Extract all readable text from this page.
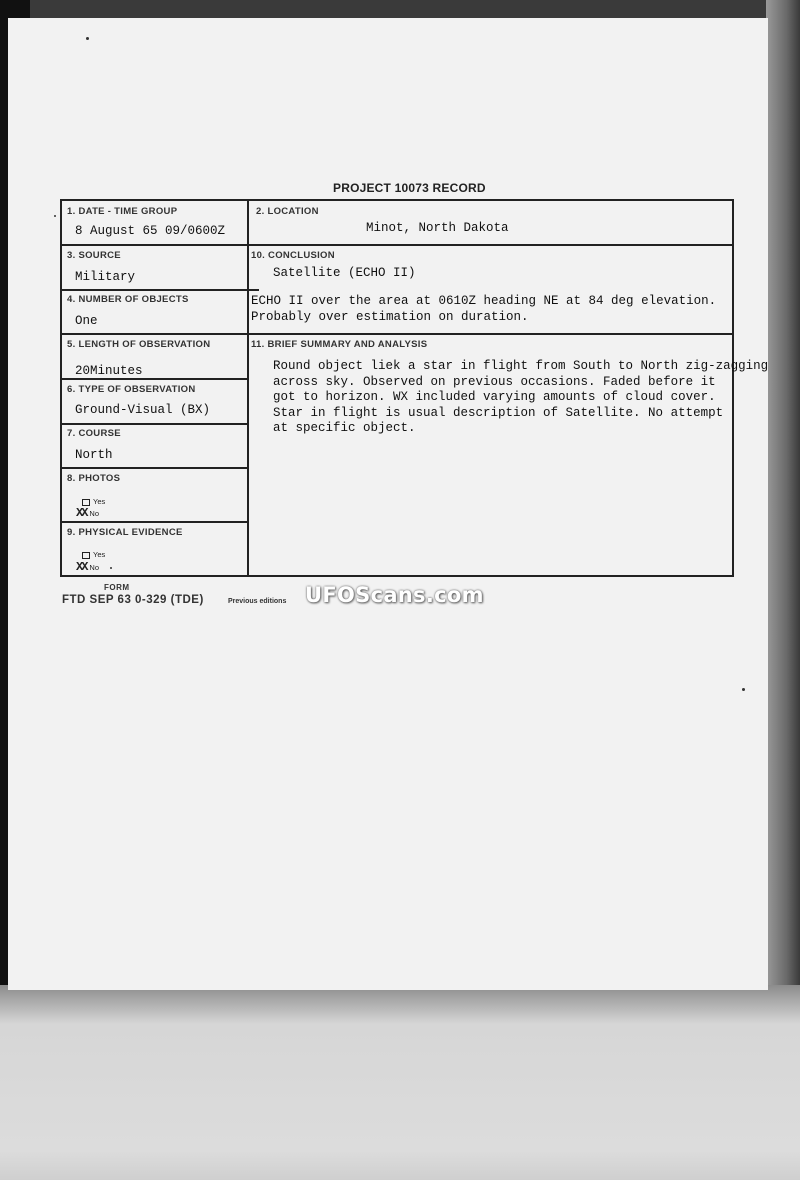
PROJECT 10073 RECORD
1. DATE - TIME GROUP
8 August 65 09/0600Z
2. LOCATION
Minot, North Dakota
3. SOURCE
Military
10. CONCLUSION
Satellite (ECHO II)
ECHO II over the area at 0610Z heading NE at 84 deg elevation.
Probably over estimation on duration.
4. NUMBER OF OBJECTS
One
5. LENGTH OF OBSERVATION
20Minutes
11. BRIEF SUMMARY AND ANALYSIS
Round object liek a star in flight from South to North zig-zagging
across sky. Observed on previous occasions. Faded before it
got to horizon. WX included varying amounts of cloud cover.
Star in flight is usual description of Satellite. No attempt
at specific object.
6. TYPE OF OBSERVATION
Ground-Visual (BX)
7. COURSE
North
8. PHOTOS
Yes
XX No
9. PHYSICAL EVIDENCE
Yes
XX No
FORM
FTD SEP 63 0-329 (TDE)	Previous editions UFOScans.com
